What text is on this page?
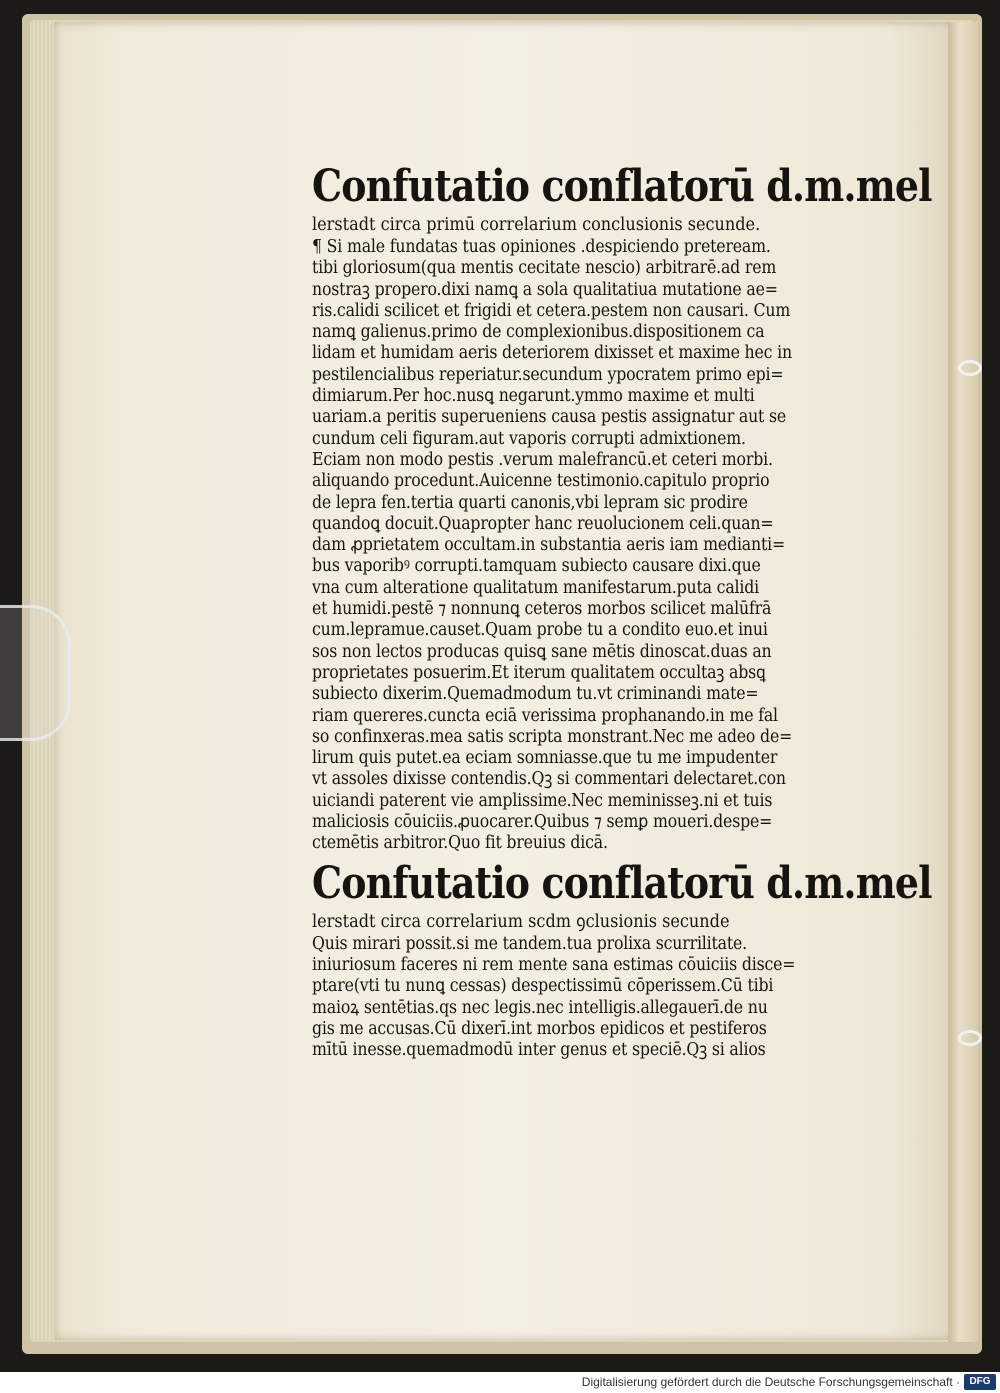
Confutatio conflatorū d.m.mel
lerstadt circa primū correlarium conclusionis secunde.
¶ Si male fundatas tuas opiniones .despiciendo preteream.
tibi gloriosum(qua mentis cecitate nescio) arbitrarē.ad rem
nostraꝫ propero.dixi namꝗ a sola qualitatiua mutatione ae=
ris.calidi scilicet et frigidi et cetera.pestem non causari. Cum
namꝗ galienus.primo de complexionibus.dispositionem ca
lidam et humidam aeris deteriorem dixisset et maxime hec in
pestilencialibus reperiatur.secundum ypocratem primo epi=
dimiarum.Per hoc.nusꝗ negarunt.ymmo maxime et multi
uariam.a peritis superueniens causa pestis assignatur aut se
cundum celi figuram.aut vaporis corrupti admixtionem.
Eciam non modo pestis .verum malefrancū.et ceteri morbi.
aliquando procedunt.Auicenne testimonio.capitulo proprio
de lepra fen.tertia quarti canonis,vbi lepram sic prodire
quandoꝗ docuit.Quapropter hanc reuolucionem celi.quan=
dam ꝓprietatem occultam.in substantia aeris iam medianti=
bus vaporibꝰ corrupti.tamquam subiecto causare dixi.que
vna cum alteratione qualitatum manifestarum.puta calidi
et humidi.pestē ⁊ nonnunꝗ ceteros morbos scilicet malūfrā
cum.lepramue.causet.Quam probe tu a condito euo.et inui
sos non lectos producas quisꝗ sane mētis dinoscat.duas an
proprietates posuerim.Et iterum qualitatem occultaꝫ absꝗ
subiecto dixerim.Quemadmodum tu.vt criminandi mate=
riam quereres.cuncta eciā verissima prophanando.in me fal
so confinxeras.mea satis scripta monstrant.Nec me adeo de=
lirum quis putet.ea eciam somniasse.que tu me impudenter
vt assoles dixisse contendis.Qꝫ si commentari delectaret.con
uiciandi paterent vie amplissime.Nec meminisseꝫ.ni et tuis
maliciosis cōuiciis.ꝓuocarer.Quibus ⁊ semꝑ moueri.despe=
ctemētis arbitror.Quo fit breuius dicā.
Confutatio conflatorū d.m.mel
lerstadt circa correlarium scdm ꝯclusionis secunde
Quis mirari possit.si me tandem.tua prolixa scurrilitate.
iniuriosum faceres ni rem mente sana estimas cōuiciis disce=
ptare(vti tu nunꝗ cessas) despectissimū cōperissem.Cū tibi
maioꝝ sentētias.qs nec legis.nec intelligis.allegauerī.de nu
gis me accusas.Cū dixerī.int morbos epidicos et pestiferos
mītū inesse.quemadmodū inter genus et speciē.Qꝫ si alios
Digitalisierung gefördert durch die Deutsche Forschungsgemeinschaft · DFG
